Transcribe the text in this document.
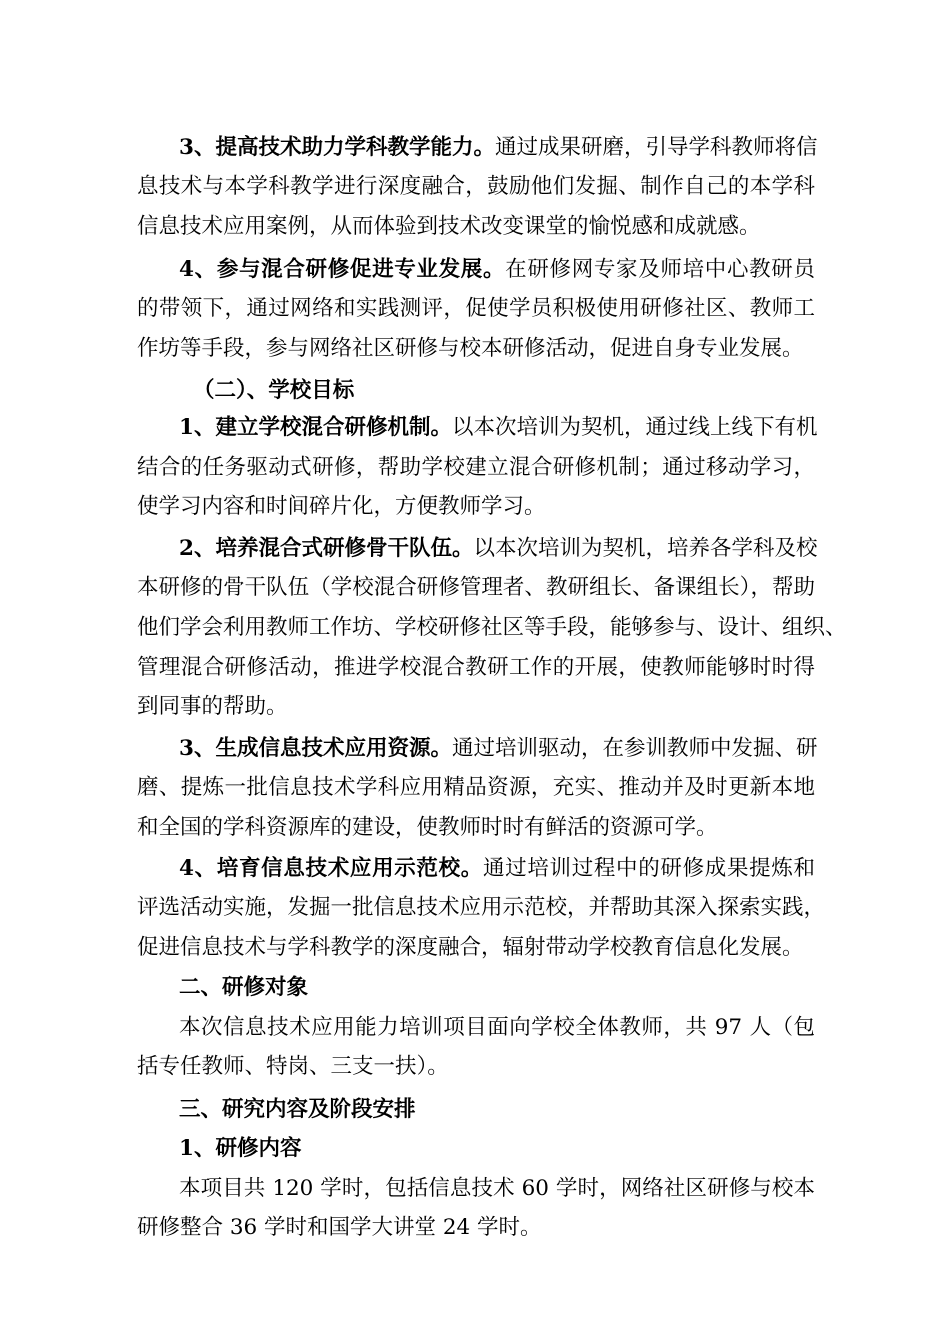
3、提高技术助力学科教学能力。通过成果研磨，引导学科教师将信
息技术与本学科教学进行深度融合，鼓励他们发掘、制作自己的本学科
信息技术应用案例，从而体验到技术改变课堂的愉悦感和成就感。
4、参与混合研修促进专业发展。在研修网专家及师培中心教研员
的带领下，通过网络和实践测评，促使学员积极使用研修社区、教师工
作坊等手段，参与网络社区研修与校本研修活动，促进自身专业发展。
（二）、学校目标
1、建立学校混合研修机制。以本次培训为契机，通过线上线下有机
结合的任务驱动式研修，帮助学校建立混合研修机制；通过移动学习，
使学习内容和时间碎片化，方便教师学习。
2、培养混合式研修骨干队伍。以本次培训为契机，培养各学科及校
本研修的骨干队伍（学校混合研修管理者、教研组长、备课组长），帮助
他们学会利用教师工作坊、学校研修社区等手段，能够参与、设计、组织、
管理混合研修活动，推进学校混合教研工作的开展，使教师能够时时得
到同事的帮助。
3、生成信息技术应用资源。通过培训驱动，在参训教师中发掘、研
磨、提炼一批信息技术学科应用精品资源，充实、推动并及时更新本地
和全国的学科资源库的建设，使教师时时有鲜活的资源可学。
4、培育信息技术应用示范校。通过培训过程中的研修成果提炼和
评选活动实施，发掘一批信息技术应用示范校，并帮助其深入探索实践，
促进信息技术与学科教学的深度融合，辐射带动学校教育信息化发展。
二、研修对象
本次信息技术应用能力培训项目面向学校全体教师，共 97 人（包
括专任教师、特岗、三支一扶）。
三、研究内容及阶段安排
1、研修内容
本项目共 120 学时，包括信息技术 60 学时，网络社区研修与校本
研修整合 36 学时和国学大讲堂 24 学时。
